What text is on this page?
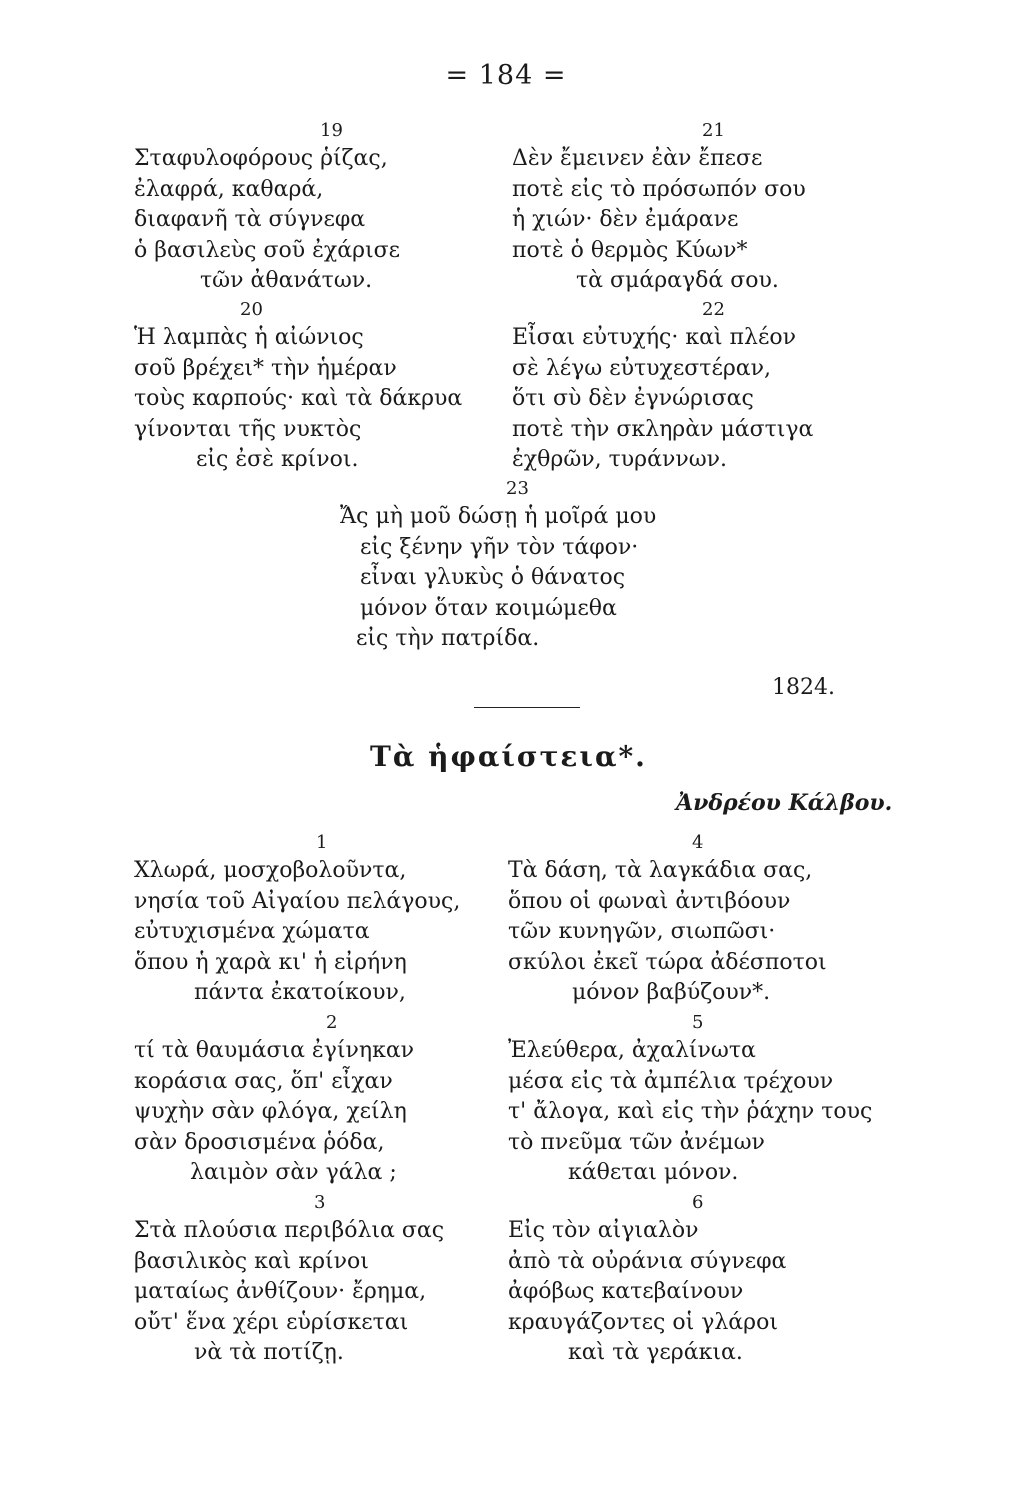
= 184 =
19
Σταφυλοφόρους ῥίζας,
ἐλαφρά, καθαρά,
διαφανῆ τὰ σύγνεφα
ὁ βασιλεὺς σοῦ ἐχάρισε
τῶν ἀθανάτων.
20
Ἡ λαμπὰς ἡ αἰώνιος
σοῦ βρέχει* τὴν ἡμέραν
τοὺς καρπούς· καὶ τὰ δάκρυα
γίνονται τῆς νυκτὸς
εἰς ἐσὲ κρίνοι.
21
Δὲν ἔμεινεν ἐὰν ἔπεσε
ποτὲ εἰς τὸ πρόσωπόν σου
ἡ χιών· δὲν ἐμάρανε
ποτὲ ὁ θερμὸς Κύων*
τὰ σμάραγδά σου.
22
Εἶσαι εὐτυχής· καὶ πλέον
σὲ λέγω εὐτυχεστέραν,
ὅτι σὺ δὲν ἐγνώρισας
ποτὲ τὴν σκληρὰν μάστιγα
ἐχθρῶν, τυράννων.
23
Ἄς μὴ μοῦ δώσῃ ἡ μοῖρά μου
εἰς ξένην γῆν τὸν τάφον·
εἶναι γλυκὺς ὁ θάνατος
μόνον ὅταν κοιμώμεθα
εἰς τὴν πατρίδα.
1824.
Τὰ ἡφαίστεια*.
Ἀνδρέου Κάλβου.
1
Χλωρά, μοσχοβολοῦντα,
νησία τοῦ Αἰγαίου πελάγους,
εὐτυχισμένα χώματα
ὅπου ἡ χαρὰ κι' ἡ εἰρήνη
πάντα ἐκατοίκουν,
2
τί τὰ θαυμάσια ἐγίνηκαν
κοράσια σας, ὅπ' εἶχαν
ψυχὴν σὰν φλόγα, χείλη
σὰν δροσισμένα ῥόδα,
λαιμὸν σὰν γάλα ;
3
Στὰ πλούσια περιβόλια σας
βασιλικὸς καὶ κρίνοι
ματαίως ἀνθίζουν· ἔρημα,
οὔτ' ἕνα χέρι εὑρίσκεται
νὰ τὰ ποτίζῃ.
4
Τὰ δάση, τὰ λαγκάδια σας,
ὅπου οἱ φωναὶ ἀντιβόουν
τῶν κυνηγῶν, σιωπῶσι·
σκύλοι ἐκεῖ τώρα ἀδέσποτοι
μόνον βαβύζουν*.
5
Ἐλεύθερα, ἀχαλίνωτα
μέσα εἰς τὰ ἀμπέλια τρέχουν
τ' ἄλογα, καὶ εἰς τὴν ῥάχην τους
τὸ πνεῦμα τῶν ἀνέμων
κάθεται μόνον.
6
Εἰς τὸν αἰγιαλὸν
ἀπὸ τὰ οὐράνια σύγνεφα
ἀφόβως κατεβαίνουν
κραυγάζοντες οἱ γλάροι
καὶ τὰ γεράκια.
